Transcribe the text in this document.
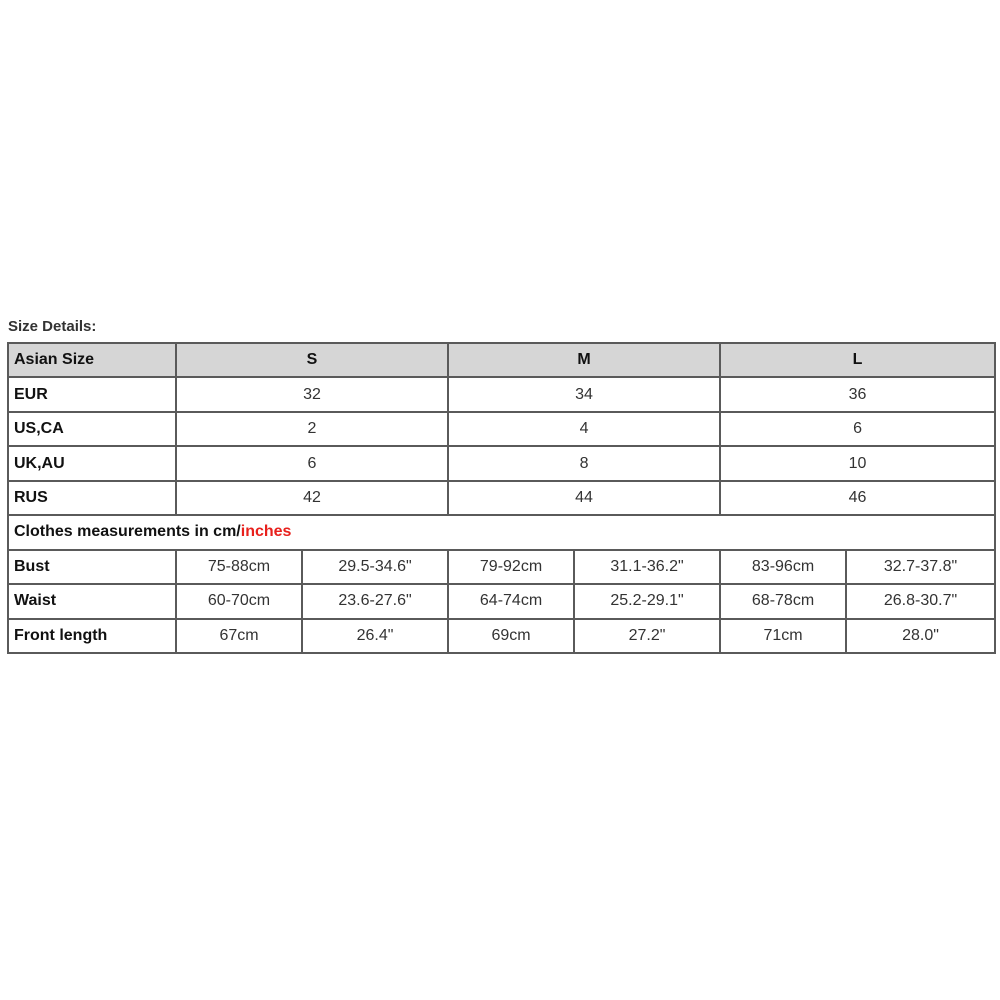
Size Details:
Asian Size	S		M		L	
EUR	32		34		36	
US,CA	2		4		6	
UK,AU	6		8		10	
RUS	42		44		46	
Clothes measurements in cm/inches						
Bust	75-88cm	29.5-34.6"	79-92cm	31.1-36.2"	83-96cm	32.7-37.8"
Waist	60-70cm	23.6-27.6"	64-74cm	25.2-29.1"	68-78cm	26.8-30.7"
Front length	67cm	26.4"	69cm	27.2"	71cm	28.0"
